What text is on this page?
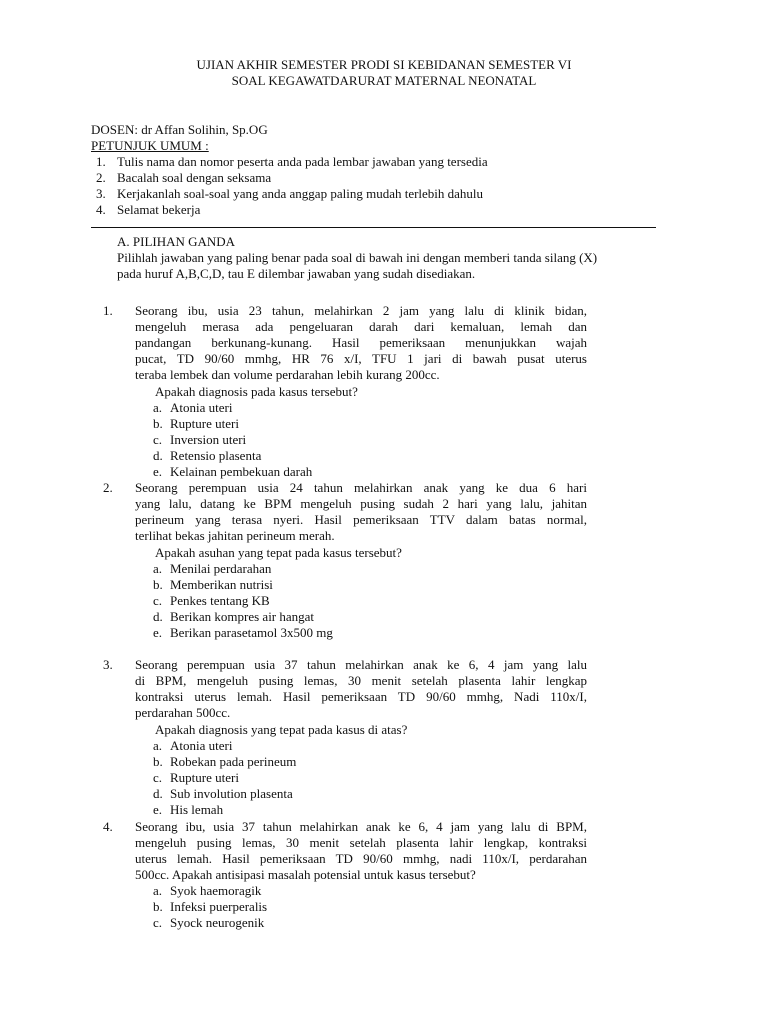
UJIAN AKHIR SEMESTER PRODI SI KEBIDANAN SEMESTER VI
SOAL KEGAWATDARURAT MATERNAL NEONATAL
DOSEN: dr Affan Solihin, Sp.OG
PETUNJUK UMUM :
1. Tulis nama dan nomor peserta anda pada lembar jawaban yang tersedia
2. Bacalah soal dengan seksama
3. Kerjakanlah soal-soal yang anda anggap paling mudah terlebih dahulu
4. Selamat bekerja
A. PILIHAN GANDA
Pilihlah jawaban yang paling benar pada soal di bawah ini dengan memberi tanda silang (X)
pada huruf A,B,C,D, tau E dilembar jawaban yang sudah disediakan.
1. Seorang ibu, usia 23 tahun, melahirkan 2 jam yang lalu di klinik bidan,
mengeluh merasa ada pengeluaran darah dari kemaluan, lemah dan
pandangan berkunang-kunang. Hasil pemeriksaan menunjukkan wajah
pucat, TD 90/60 mmhg, HR 76 x/I, TFU 1 jari di bawah pusat uterus
teraba lembek dan volume perdarahan lebih kurang 200cc.
Apakah diagnosis pada kasus tersebut?
a. Atonia uteri
b. Rupture uteri
c. Inversion uteri
d. Retensio plasenta
e. Kelainan pembekuan darah
2. Seorang perempuan usia 24 tahun melahirkan anak yang ke dua 6 hari
yang lalu, datang ke BPM mengeluh pusing sudah 2 hari yang lalu, jahitan
perineum yang terasa nyeri. Hasil pemeriksaan TTV dalam batas normal,
terlihat bekas jahitan perineum merah.
Apakah asuhan yang tepat pada kasus tersebut?
a. Menilai perdarahan
b. Memberikan nutrisi
c. Penkes tentang KB
d. Berikan kompres air hangat
e. Berikan parasetamol 3x500 mg
3. Seorang perempuan usia 37 tahun melahirkan anak ke 6, 4 jam yang lalu
di BPM, mengeluh pusing lemas, 30 menit setelah plasenta lahir lengkap
kontraksi uterus lemah. Hasil pemeriksaan TD 90/60 mmhg, Nadi 110x/I,
perdarahan 500cc.
Apakah diagnosis yang tepat pada kasus di atas?
a. Atonia uteri
b. Robekan pada perineum
c. Rupture uteri
d. Sub involution plasenta
e. His lemah
4. Seorang ibu, usia 37 tahun melahirkan anak ke 6, 4 jam yang lalu di BPM,
mengeluh pusing lemas, 30 menit setelah plasenta lahir lengkap, kontraksi
uterus lemah. Hasil pemeriksaan TD 90/60 mmhg, nadi 110x/I, perdarahan
500cc. Apakah antisipasi masalah potensial untuk kasus tersebut?
a. Syok haemoragik
b. Infeksi puerperalis
c. Syock neurogenik
